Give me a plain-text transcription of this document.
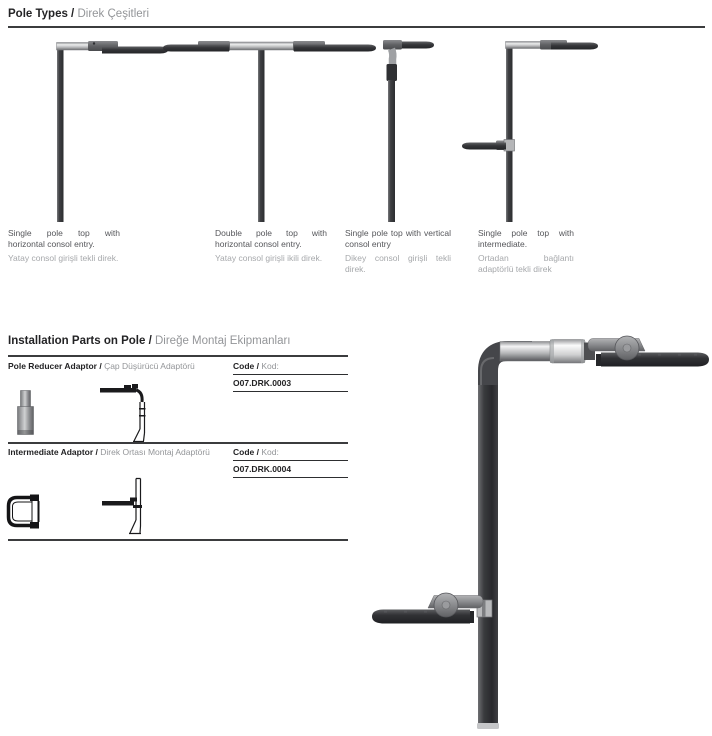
Pole Types / Direk Çeşitleri
Single pole top with horizontal consol entry.
Yatay consol girişli tekli direk.
Double pole top with horizontal consol entry.
Yatay consol girişli ikili direk.
Single pole top with vertical consol entry
Dikey consol girişli tekli direk.
Single pole top with intermediate.
Ortadan bağlantı adaptörlü tekli direk
Installation Parts on Pole / Direğe Montaj Ekipmanları
Pole Reducer Adaptor / Çap Düşürücü Adaptörü	Code / Kod:
O07.DRK.0003
Intermediate Adaptor / Direk Ortası Montaj Adaptörü	Code / Kod:
O07.DRK.0004
